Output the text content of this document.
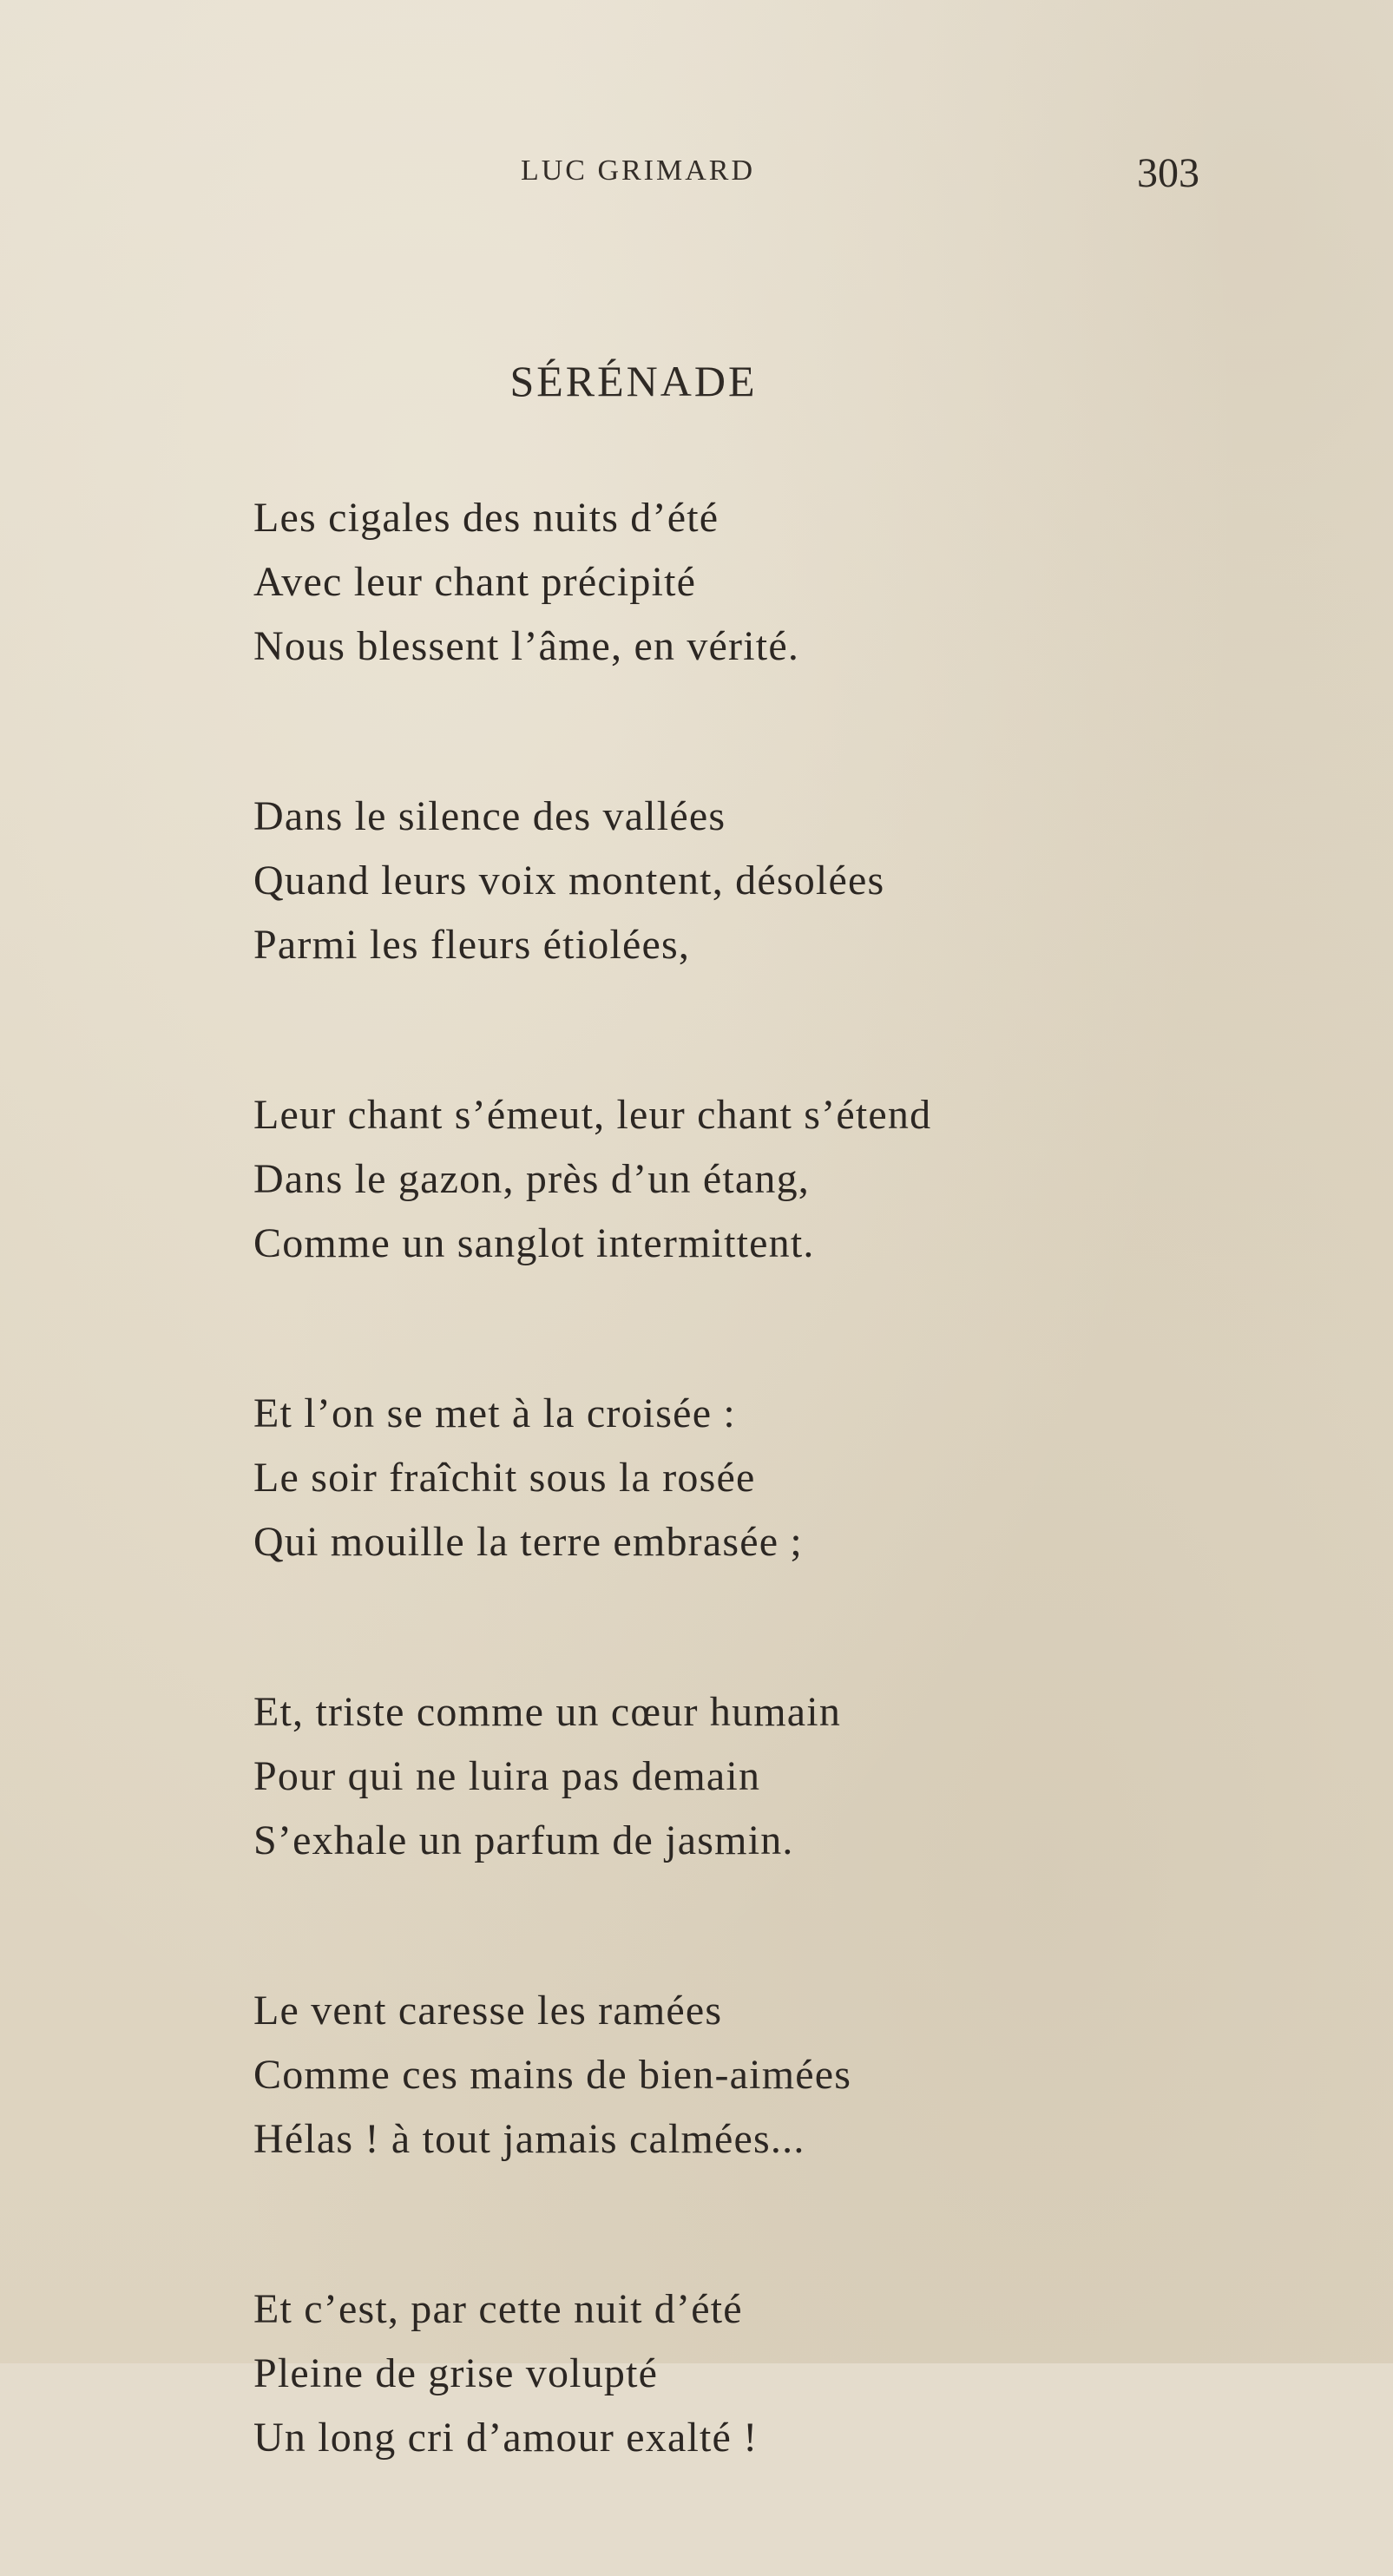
LUC GRIMARD	303
SÉRÉNADE
Les cigales des nuits d’été
Avec leur chant précipité
Nous blessent l’âme, en vérité.
Dans le silence des vallées
Quand leurs voix montent, désolées
Parmi les fleurs étiolées,
Leur chant s’émeut, leur chant s’étend
Dans le gazon, près d’un étang,
Comme un sanglot intermittent.
Et l’on se met à la croisée :
Le soir fraîchit sous la rosée
Qui mouille la terre embrasée ;
Et, triste comme un cœur humain
Pour qui ne luira pas demain
S’exhale un parfum de jasmin.
Le vent caresse les ramées
Comme ces mains de bien-aimées
Hélas ! à tout jamais calmées...
Et c’est, par cette nuit d’été
Pleine de grise volupté
Un long cri d’amour exalté !
